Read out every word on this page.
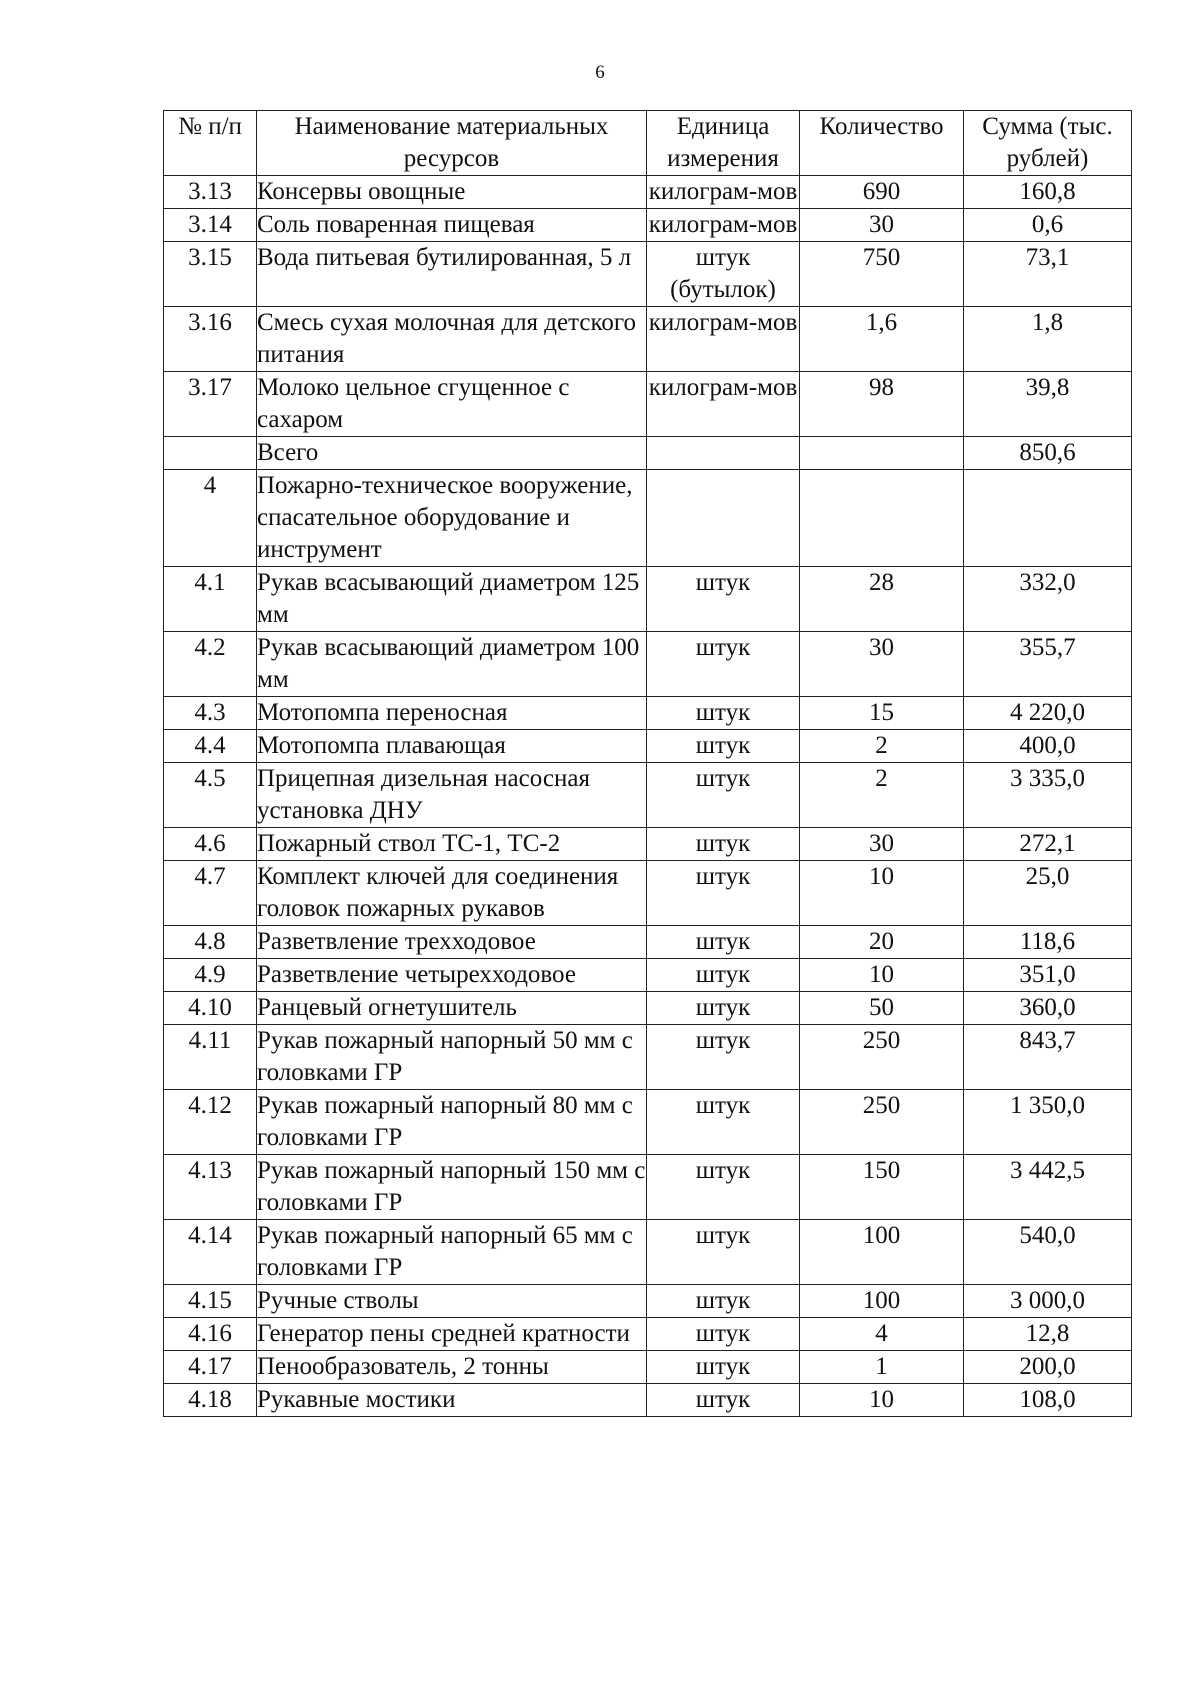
6
№ п/п	Наименование материальных ресурсов	Единица измерения	Количество	Сумма (тыс. рублей)
3.13	Консервы овощные	килограм-мов	690	160,8
3.14	Соль поваренная пищевая	килограм-мов	30	0,6
3.15	Вода питьевая бутилированная, 5 л	штук (бутылок)	750	73,1
3.16	Смесь сухая молочная для детского питания	килограм-мов	1,6	1,8
3.17	Молоко цельное сгущенное с сахаром	килограм-мов	98	39,8
	Всего			850,6
4	Пожарно-техническое вооружение, спасательное оборудование и инструмент			
4.1	Рукав всасывающий диаметром 125 мм	штук	28	332,0
4.2	Рукав всасывающий диаметром 100 мм	штук	30	355,7
4.3	Мотопомпа переносная	штук	15	4 220,0
4.4	Мотопомпа плавающая	штук	2	400,0
4.5	Прицепная дизельная насосная установка ДНУ	штук	2	3 335,0
4.6	Пожарный ствол ТС-1, ТС-2	штук	30	272,1
4.7	Комплект ключей для соединения головок пожарных рукавов	штук	10	25,0
4.8	Разветвление трехходовое	штук	20	118,6
4.9	Разветвление четырехходовое	штук	10	351,0
4.10	Ранцевый огнетушитель	штук	50	360,0
4.11	Рукав пожарный напорный 50 мм с головками ГР	штук	250	843,7
4.12	Рукав пожарный напорный 80 мм с головками ГР	штук	250	1 350,0
4.13	Рукав пожарный напорный 150 мм с головками ГР	штук	150	3 442,5
4.14	Рукав пожарный напорный 65 мм с головками ГР	штук	100	540,0
4.15	Ручные стволы	штук	100	3 000,0
4.16	Генератор пены средней кратности	штук	4	12,8
4.17	Пенообразователь, 2 тонны	штук	1	200,0
4.18	Рукавные мостики	штук	10	108,0
